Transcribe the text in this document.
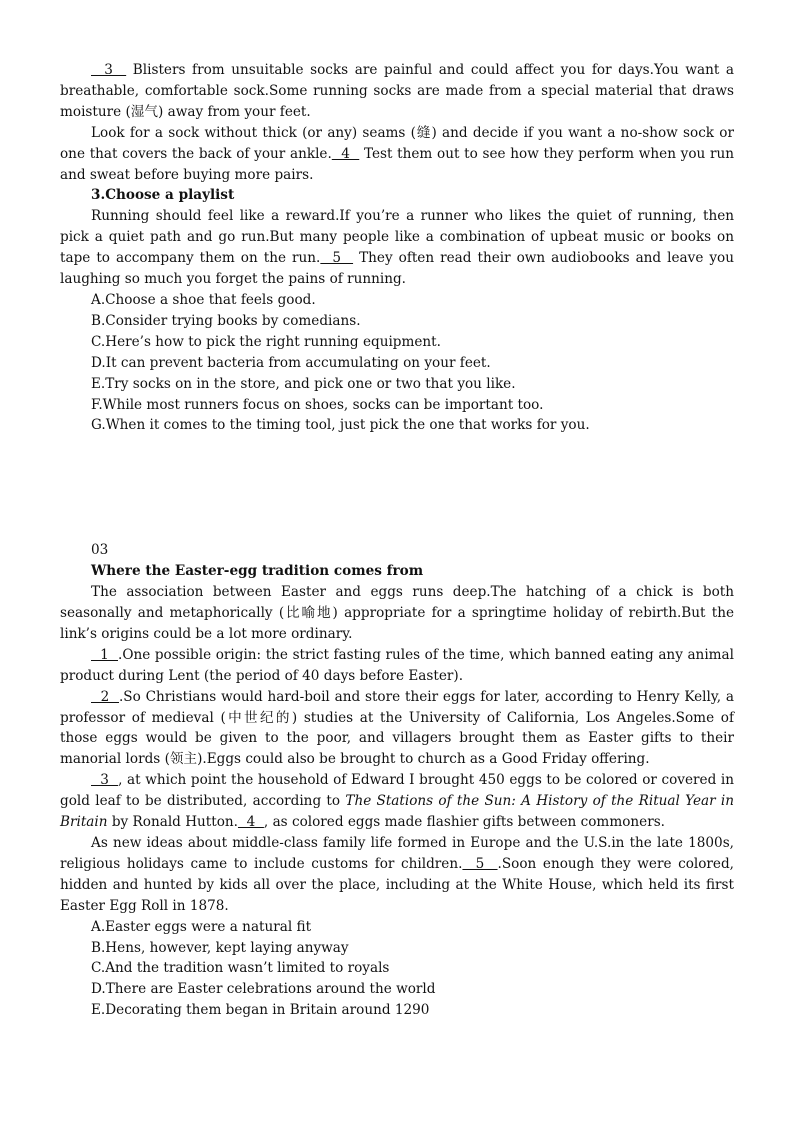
3   Blisters from unsuitable socks are painful and could affect you for days.You want a breathable, comfortable sock.Some running socks are made from a special material that draws moisture (湿气) away from your feet.

Look for a sock without thick (or any) seams (缝) and decide if you want a no-show sock or one that covers the back of your ankle.  4   Test them out to see how they perform when you run and sweat before buying more pairs.

3.Choose a playlist

Running should feel like a reward.If you’re a runner who likes the quiet of running, then pick a quiet path and go run.But many people like a combination of upbeat music or books on tape to accompany them on the run.  5   They often read their own audiobooks and leave you laughing so much you forget the pains of running.

A.Choose a shoe that feels good.

B.Consider trying books by comedians.

C.Here’s how to pick the right running equipment.

D.It can prevent bacteria from accumulating on your feet.

E.Try socks on in the store, and pick one or two that you like.

F.While most runners focus on shoes, socks can be important too.

G.When it comes to the timing tool, just pick the one that works for you.

03

Where the Easter-egg tradition comes from

The association between Easter and eggs runs deep.The hatching of a chick is both seasonally and metaphorically (比喻地) appropriate for a springtime holiday of rebirth.But the link’s origins could be a lot more ordinary.

1  .One possible origin: the strict fasting rules of the time, which banned eating any animal product during Lent (the period of 40 days before Easter).

2  .So Christians would hard-boil and store their eggs for later, according to Henry Kelly, a professor of medieval (中世纪的) studies at the University of California, Los Angeles.Some of those eggs would be given to the poor, and villagers brought them as Easter gifts to their manorial lords (领主).Eggs could also be brought to church as a Good Friday offering.

3  , at which point the household of Edward I brought 450 eggs to be colored or covered in gold leaf to be distributed, according to The Stations of the Sun: A History of the Ritual Year in Britain by Ronald Hutton.  4  , as colored eggs made flashier gifts between commoners.

As new ideas about middle-class family life formed in Europe and the U.S.in the late 1800s, religious holidays came to include customs for children.  5  .Soon enough they were colored, hidden and hunted by kids all over the place, including at the White House, which held its first Easter Egg Roll in 1878.

A.Easter eggs were a natural fit

B.Hens, however, kept laying anyway

C.And the tradition wasn’t limited to royals

D.There are Easter celebrations around the world

E.Decorating them began in Britain around 1290
